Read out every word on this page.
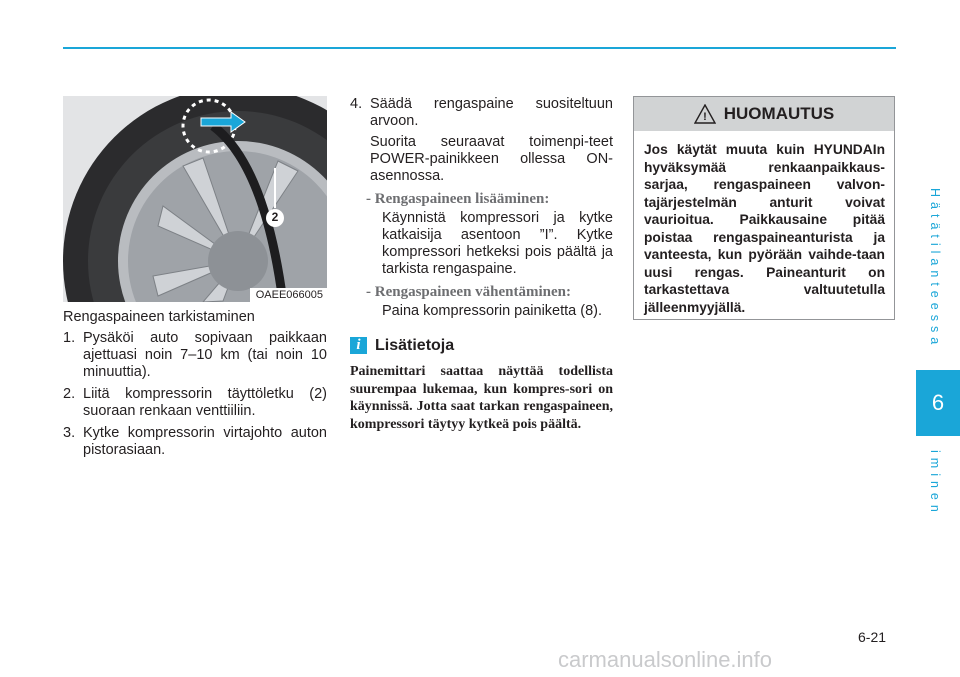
2
OAEE066005

Rengaspaineen tarkistaminen

1. Pysäköi auto sopivaan paikkaan ajettuasi noin 7–10 km (tai noin 10 minuuttia).
2. Liitä kompressorin täyttöletku (2) suoraan renkaan venttiiliin.
3. Kytke kompressorin virtajohto auton pistorasiaan.
4. Säädä rengaspaine suositeltuun arvoon.

Suorita seuraavat toimenpi-teet POWER-painikkeen ollessa ON-asennossa.

- Rengaspaineen lisääminen:

Käynnistä kompressori ja kytke katkaisija asentoon ”I”. Kytke kompressori hetkeksi pois päältä ja tarkista rengaspaine.

- Rengaspaineen vähentäminen:

Paina kompressorin painiketta (8).

i Lisätietoja
Painemittari saattaa näyttää todellista suurempaa lukemaa, kun kompres-sori on käynnissä. Jotta saat tarkan rengaspaineen, kompressori täytyy kytkeä pois päältä.
! HUOMAUTUS
Jos käytät muuta kuin HYUNDAIn hyväksymää renkaanpaikkaus-sarjaa, rengaspaineen valvon-tajärjestelmän anturit voivat vaurioitua. Paikkausaine pitää poistaa rengaspaineanturista ja vanteesta, kun pyörään vaihde-taan uusi rengas. Paineanturit on tarkastettava valtuutetulla jälleenmyyjällä.	Hätätilanteessa
6
iminen
6-21
carmanualsonline.info
